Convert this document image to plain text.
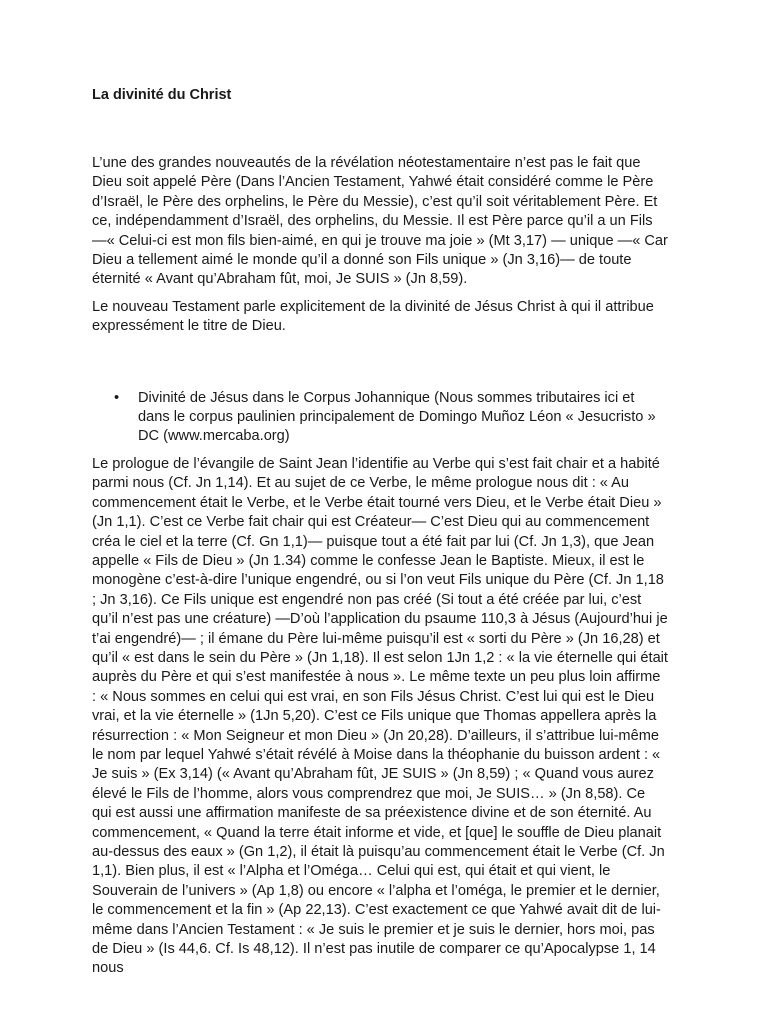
La divinité du Christ

L’une des grandes nouveautés de la révélation néotestamentaire n’est pas le fait que Dieu soit appelé Père (Dans l’Ancien Testament, Yahwé était considéré comme le Père d’Israël, le Père des orphelins, le Père du Messie), c’est qu’il soit véritablement Père. Et ce, indépendamment d’Israël, des orphelins, du Messie. Il est Père parce qu’il a un Fils —« Celui-ci est mon fils bien-aimé, en qui je trouve ma joie » (Mt 3,17) — unique —« Car Dieu a tellement aimé le monde qu’il a donné son Fils unique » (Jn 3,16)— de toute éternité « Avant qu’Abraham fût, moi, Je SUIS » (Jn 8,59).

Le nouveau Testament parle explicitement de la divinité de Jésus Christ à qui il attribue expressément le titre de Dieu.

• Divinité de Jésus dans le Corpus Johannique (Nous sommes tributaires ici et dans le corpus paulinien principalement de Domingo Muñoz Léon « Jesucristo » DC (www.mercaba.org)

Le prologue de l’évangile de Saint Jean l’identifie au Verbe qui s’est fait chair et a habité parmi nous (Cf. Jn 1,14). Et au sujet de ce Verbe, le même prologue nous dit : « Au commencement était le Verbe, et le Verbe était tourné vers Dieu, et le Verbe était Dieu » (Jn 1,1). C’est ce Verbe fait chair qui est Créateur— C’est Dieu qui au commencement créa le ciel et la terre (Cf. Gn 1,1)— puisque tout a été fait par lui (Cf. Jn 1,3), que Jean appelle « Fils de Dieu » (Jn 1.34) comme le confesse Jean le Baptiste. Mieux, il est le monogène c’est-à-dire l’unique engendré, ou si l’on veut Fils unique du Père (Cf. Jn 1,18 ; Jn 3,16). Ce Fils unique est engendré non pas créé (Si tout a été créée par lui, c’est qu’il n’est pas une créature) —D’où l’application du psaume 110,3 à Jésus (Aujourd’hui je t’ai engendré)— ; il émane du Père lui-même puisqu’il est « sorti du Père » (Jn 16,28) et qu’il « est dans le sein du Père » (Jn 1,18). Il est selon 1Jn 1,2 : « la vie éternelle qui était auprès du Père et qui s’est manifestée à nous ». Le même texte un peu plus loin affirme : « Nous sommes en celui qui est vrai, en son Fils Jésus Christ. C’est lui qui est le Dieu vrai, et la vie éternelle » (1Jn 5,20). C’est ce Fils unique que Thomas appellera après la résurrection : « Mon Seigneur et mon Dieu » (Jn 20,28). D’ailleurs, il s’attribue lui-même le nom par lequel Yahwé s’était révélé à Moise dans la théophanie du buisson ardent : « Je suis » (Ex 3,14) (« Avant qu’Abraham fût, JE SUIS » (Jn 8,59) ; « Quand vous aurez élevé le Fils de l’homme, alors vous comprendrez que moi, Je SUIS… » (Jn 8,58). Ce qui est aussi une affirmation manifeste de sa préexistence divine et de son éternité. Au commencement, « Quand la terre était informe et vide, et [que] le souffle de Dieu planait au-dessus des eaux » (Gn 1,2), il était là puisqu’au commencement était le Verbe (Cf. Jn 1,1). Bien plus, il est « l’Alpha et l’Oméga… Celui qui est, qui était et qui vient, le Souverain de l’univers » (Ap 1,8) ou encore « l’alpha et l’oméga, le premier et le dernier, le commencement et la fin » (Ap 22,13). C’est exactement ce que Yahwé avait dit de lui-même dans l’Ancien Testament : « Je suis le premier et je suis le dernier, hors moi, pas de Dieu » (Is 44,6. Cf. Is 48,12). Il n’est pas inutile de comparer ce qu’Apocalypse 1, 14 nous
